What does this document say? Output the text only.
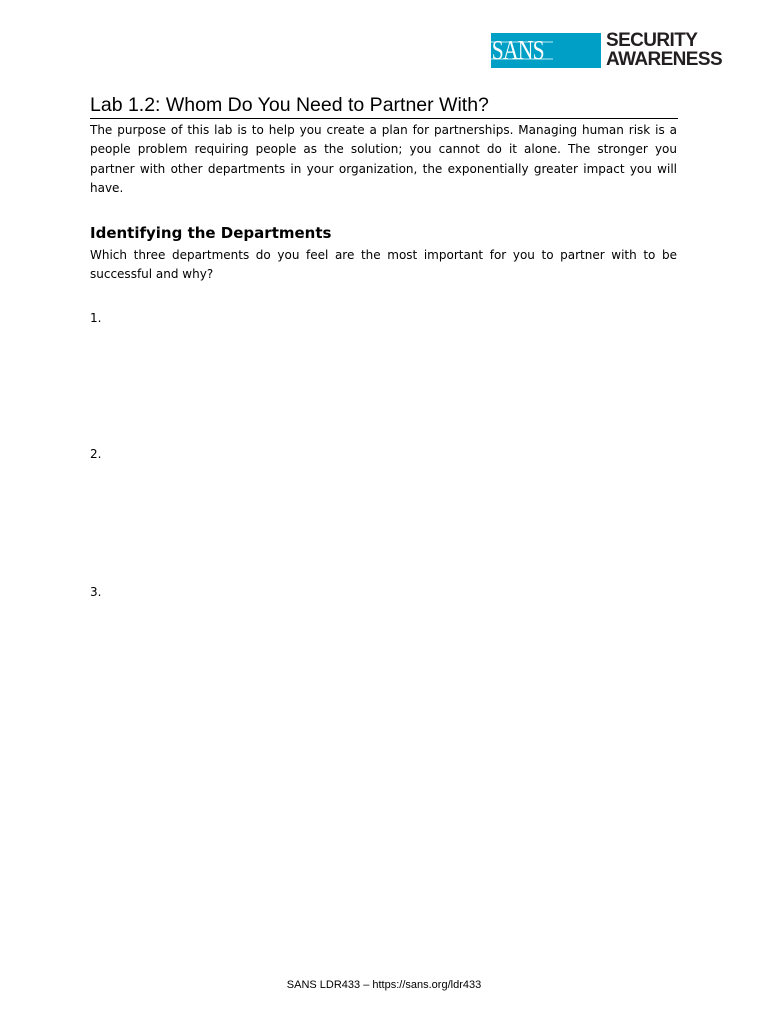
SANS	SECURITY
AWARENESS
Lab 1.2: Whom Do You Need to Partner With?

The purpose of this lab is to help you create a plan for partnerships. Managing human risk is a people problem requiring people as the solution; you cannot do it alone. The stronger you partner with other departments in your organization, the exponentially greater impact you will have.

Identifying the Departments

Which three departments do you feel are the most important for you to partner with to be successful and why?

1.
2.
3.
SANS LDR433 – https://sans.org/ldr433
